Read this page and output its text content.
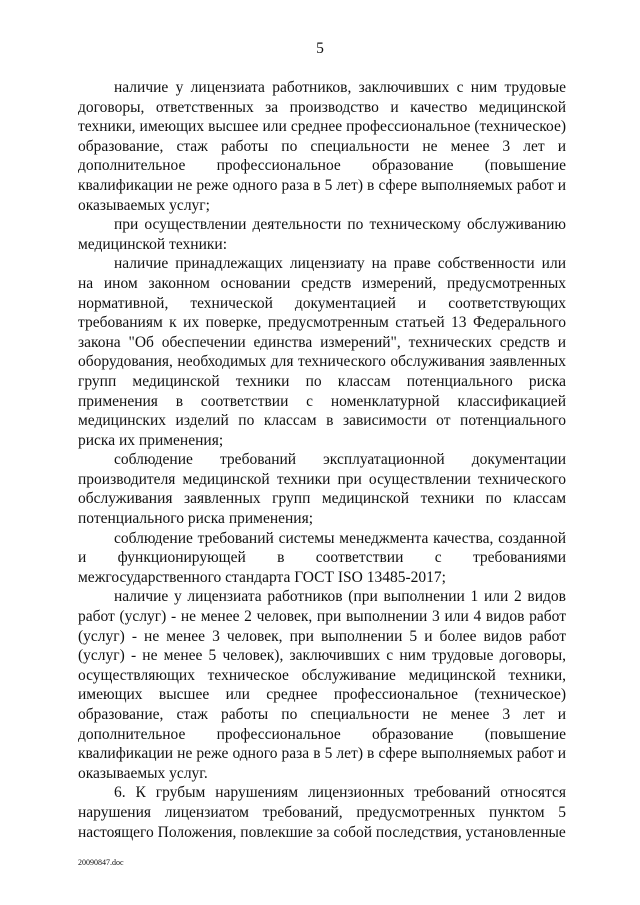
5

наличие у лицензиата работников, заключивших с ним трудовые договоры, ответственных за производство и качество медицинской техники, имеющих высшее или среднее профессиональное (техническое) образование, стаж работы по специальности не менее 3 лет и дополнительное профессиональное образование (повышение квалификации не реже одного раза в 5 лет) в сфере выполняемых работ и оказываемых услуг;

при осуществлении деятельности по техническому обслуживанию медицинской техники:

наличие принадлежащих лицензиату на праве собственности или на ином законном основании средств измерений, предусмотренных нормативной, технической документацией и соответствующих требованиям к их поверке, предусмотренным статьей 13 Федерального закона "Об обеспечении единства измерений", технических средств и оборудования, необходимых для технического обслуживания заявленных групп медицинской техники по классам потенциального риска применения в соответствии с номенклатурной классификацией медицинских изделий по классам в зависимости от потенциального риска их применения;

соблюдение требований эксплуатационной документации производителя медицинской техники при осуществлении технического обслуживания заявленных групп медицинской техники по классам потенциального риска применения;

соблюдение требований системы менеджмента качества, созданной и функционирующей в соответствии с требованиями межгосударственного стандарта ГОСТ ISO 13485-2017;

наличие у лицензиата работников (при выполнении 1 или 2 видов работ (услуг) - не менее 2 человек, при выполнении 3 или 4 видов работ (услуг) - не менее 3 человек, при выполнении 5 и более видов работ (услуг) - не менее 5 человек), заключивших с ним трудовые договоры, осуществляющих техническое обслуживание медицинской техники, имеющих высшее или среднее профессиональное (техническое) образование, стаж работы по специальности не менее 3 лет и дополнительное профессиональное образование (повышение квалификации не реже одного раза в 5 лет) в сфере выполняемых работ и оказываемых услуг.

6. К грубым нарушениям лицензионных требований относятся нарушения лицензиатом требований, предусмотренных пунктом 5 настоящего Положения, повлекшие за собой последствия, установленные

20090847.doc
